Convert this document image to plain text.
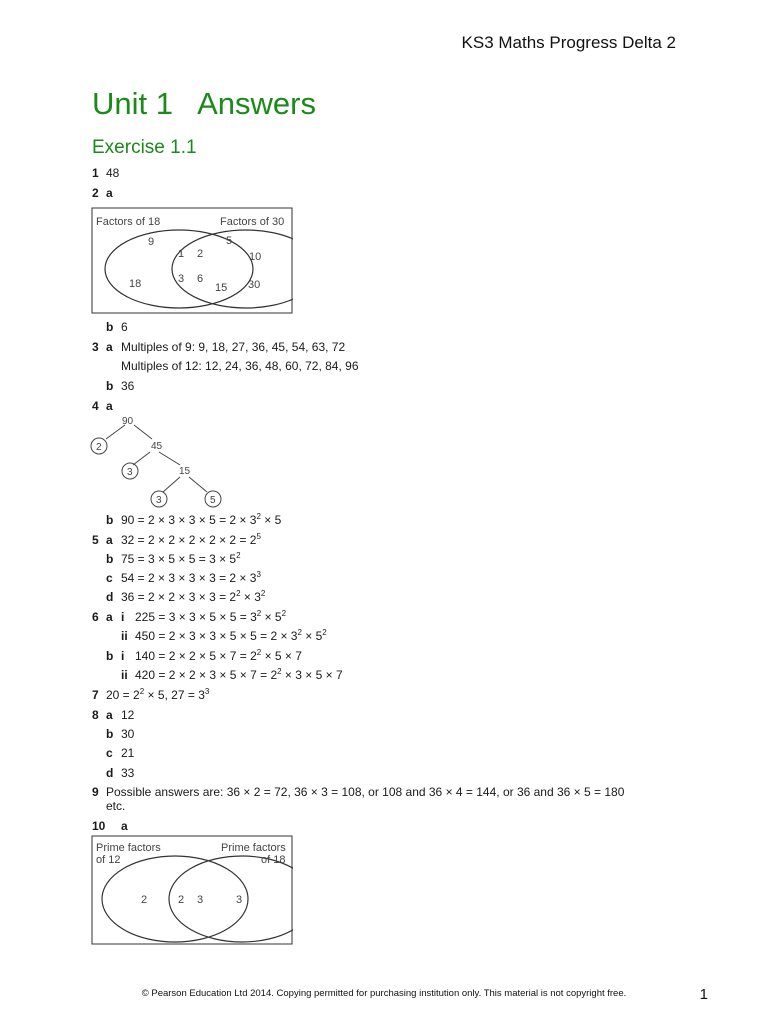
KS3 Maths Progress Delta 2
Unit 1   Answers
Exercise 1.1
1 48
2 a
Factors of 18	Factors of 30
9
18
1 2
3 6
5
10
15 30
b 6
3 a Multiples of 9: 9, 18, 27, 36, 45, 54, 63, 72
Multiples of 12: 12, 24, 36, 48, 60, 72, 84, 96
b 36
4 a
90
2	45
3	15
3	5
b $90 = 2 \times 3 \times 3 \times 5 = 2 \times 3^2 \times 5$
5 a $32 = 2 \times 2 \times 2 \times 2 \times 2 = 2^5$
b $75 = 3 \times 5 \times 5 = 3 \times 5^2$
c $54 = 2 \times 3 \times 3 \times 3 = 2 \times 3^3$
d $36 = 2 \times 2 \times 3 \times 3 = 2^2 \times 3^2$
6 a i $225 = 3 \times 3 \times 5 \times 5 = 3^2 \times 5^2$
ii $450 = 2 \times 3 \times 3 \times 5 \times 5 = 2 \times 3^2 \times 5^2$
b i $140 = 2 \times 2 \times 5 \times 7 = 2^2 \times 5 \times 7$
ii $420 = 2 \times 2 \times 3 \times 5 \times 7 = 2^2 \times 3 \times 5 \times 7$
7 $20 = 2^2 \times 5$, $27 = 3^3$
8 a 12
b 30
c 21
d 33
9 Possible answers are: 36 × 2 = 72, 36 × 3 = 108, or 108 and 36 × 4 = 144, or 36 and 36 × 5 = 180
etc.
10 a
Prime factors
of 12
Prime factors
of 18
2	2 3	3
© Pearson Education Ltd 2014. Copying permitted for purchasing institution only. This material is not copyright free.	1
